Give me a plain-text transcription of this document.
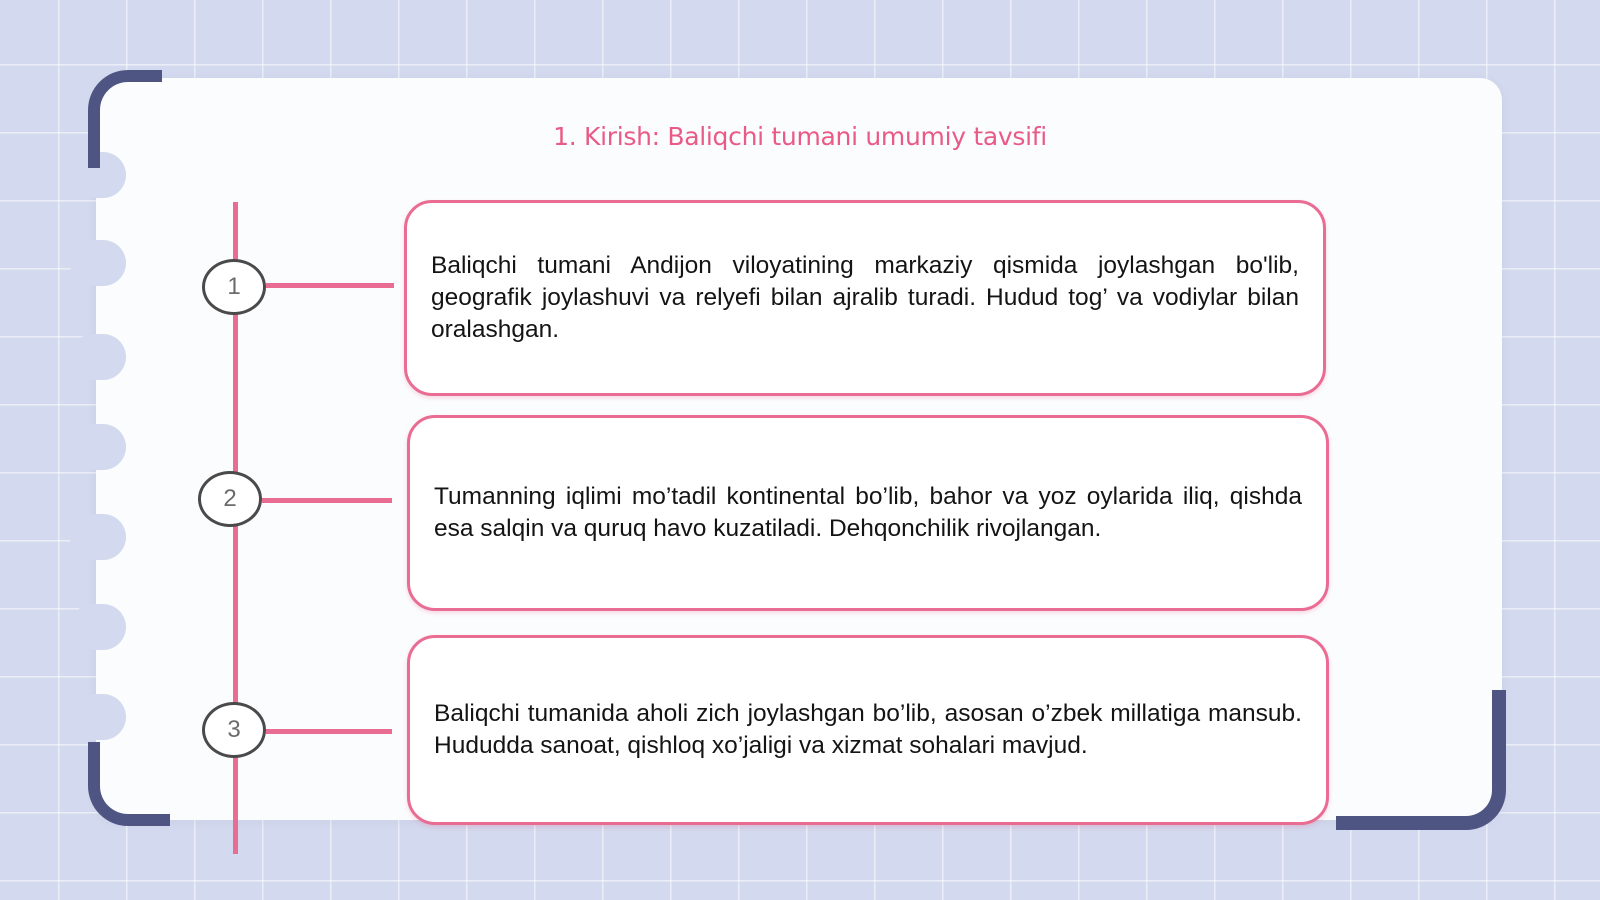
1. Kirish: Baliqchi tumani umumiy tavsifi
1

Baliqchi tumani Andijon viloyatining markaziy qismida joylashgan bo'lib, geografik joylashuvi va relyefi bilan ajralib turadi. Hudud tog’ va vodiylar bilan oralashgan.

2	Tumanning iqlimi mo’tadil kontinental bo’lib, bahor va yoz oylarida iliq, qishda esa salqin va quruq havo kuzatiladi. Dehqonchilik rivojlangan.

3

Baliqchi tumanida aholi zich joylashgan bo’lib, asosan o’zbek millatiga mansub. Hududda sanoat, qishloq xo’jaligi va xizmat sohalari mavjud.
